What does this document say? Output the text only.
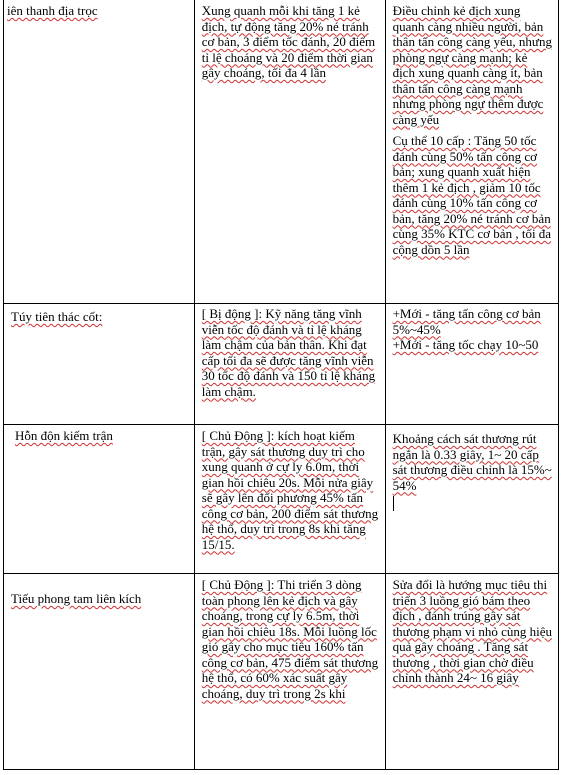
iên thanh địa trọc	Xung quanh mỗi khi tăng 1 kẻ địch, tự động tăng 20% né tránh cơ bản, 3 điểm tốc đánh, 20 điểm tỉ lệ choáng và 20 điểm thời gian gây choáng, tối đa 4 lần	Điều chỉnh kẻ địch xung quanh càng nhiều người, bản thân tấn công càng yếu, nhưng phòng ngự càng mạnh; kẻ địch xung quanh càng ít, bản thân tấn công càng mạnh nhưng phòng ngự thêm được càng yếu
Cụ thể 10 cấp : Tăng 50 tốc đánh cùng 50% tấn công cơ bản; xung quanh xuất hiện thêm 1 kẻ địch , giảm 10 tốc đánh cùng 10% tấn công cơ bản, tăng 20% né tránh cơ bản cùng 35% KTC cơ bản , tối đa cộng dồn 5 lần

Túy tiên thác cốt:	[ Bị động ]: Kỹ năng tăng vĩnh viễn tốc độ đánh và tỉ lệ kháng làm chậm của bản thân. Khi đạt cấp tối đa sẽ được tăng vĩnh viễn 30 tốc độ đánh và 150 tỉ lệ kháng làm chậm.	+Mới - tăng tấn công cơ bản 5%~45%
+Mới - tăng tốc chạy 10~50

Hỗn độn kiếm trận	[ Chủ Động ]: kích hoạt kiếm trận, gây sát thương duy trì cho xung quanh ở cự ly 6.0m, thời gian hồi chiêu 20s. Mỗi nửa giây sẽ gây lên đối phương 45% tấn công cơ bản, 200 điểm sát thương hệ thổ, duy trì trong 8s khi tăng 15/15.	Khoảng cách sát thương rút ngắn là 0.33 giây, 1~ 20 cấp sát thương điều chỉnh là 15%~ 54%

Tiếu phong tam liên kích	[ Chủ Động ]: Thi triển 3 dòng toàn phong lên kẻ địch và gây choáng, trong cự ly 6.5m, thời gian hồi chiêu 18s. Mỗi luồng lốc gió gây cho mục tiêu 160% tấn công cơ bản, 475 điểm sát thương hệ thổ, có 60% xác suất gây choáng, duy trì trong 2s khi	Sửa đổi là hướng mục tiêu thi triển 3 luồng gió bám theo địch , đánh trúng gây sát thương phạm vi nhỏ cùng hiệu quả gây choáng . Tăng sát thương , thời gian chờ điều chỉnh thành 24~ 16 giây
